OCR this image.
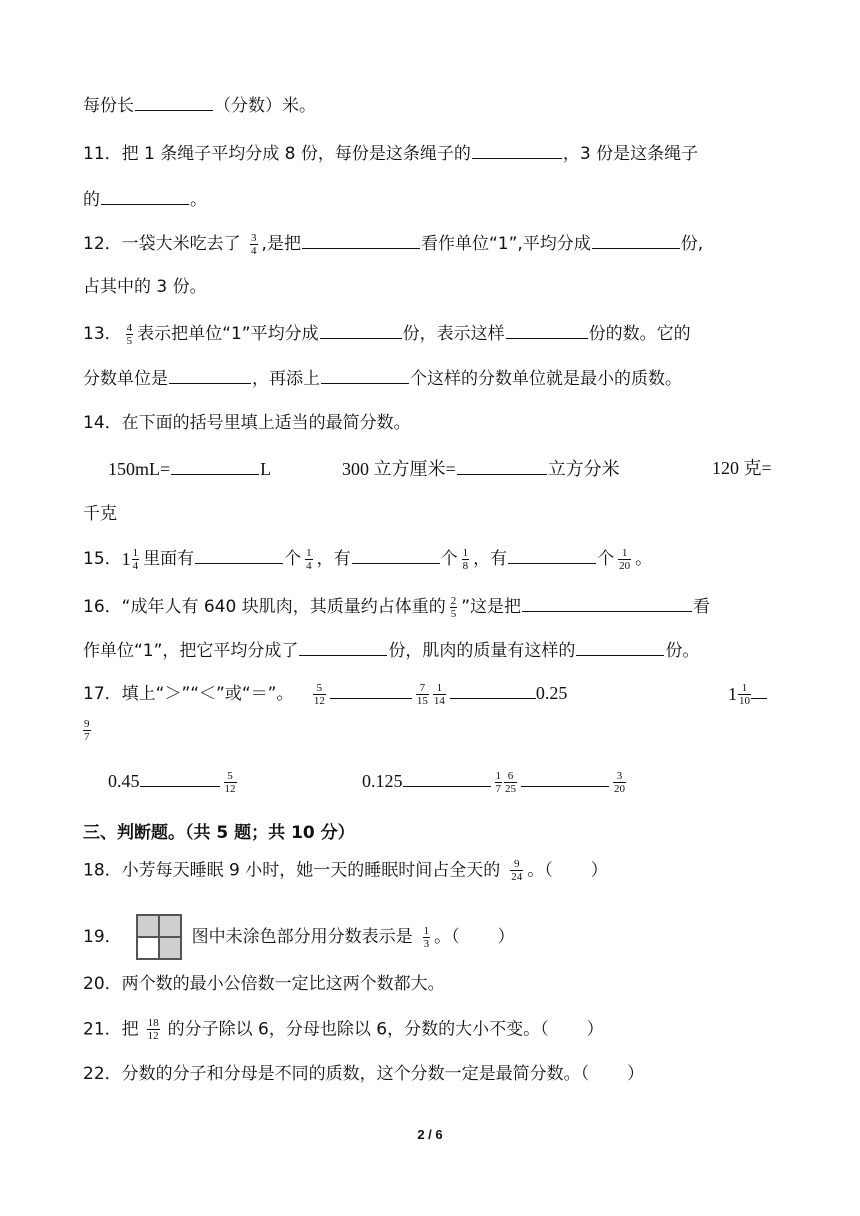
每份长	（分数）米。
11．把 1 条绳子平均分成 8 份，每份是这条绳子的	，3 份是这条绳子
的	。
12．一袋大米吃去了 $\frac{3}{4}$ ,是把	看作单位“1”,平均分成	份,
占其中的 3 份。
13． $\frac{4}{5}$ 表示把单位“1”平均分成	份，表示这样	份的数。它的
分数单位是	，再添上	个这样的分数单位就是最小的质数。
14．在下面的括号里填上适当的最简分数。
150mL=	L	300 立方厘米=	立方分米	120 克=
千克
15． $1 \frac{1}{4}$ 里面有	个 $\frac{1}{4}$ ，有	个 $\frac{1}{8}$ ，有	个 $\frac{1}{20}$ 。
16．“成年人有 640 块肌肉，其质量约占体重的 $\frac{2}{5}$ ”这是把	看
作单位“1”，把它平均分成了	份，肌肉的质量有这样的	份。
17．填上“＞”“＜”或“＝”。 $\frac{5}{12}$	$\frac{7}{15} \frac{1}{14}$	0.25	$1 \frac{1}{10}$
$\frac{9}{7}$
0.45	$\frac{5}{12}$	0.125	$\frac{1}{7} \frac{6}{25}$	$\frac{3}{20}$
三、判断题。（共 5 题；共 10 分）
18．小芳每天睡眠 9 小时，她一天的睡眠时间占全天的 $\frac{9}{24}$ 。（ ）
19．	图中未涂色部分用分数表示是 $\frac{1}{3}$ 。（ ）
20．两个数的最小公倍数一定比这两个数都大。
21．把 $\frac{18}{12}$ 的分子除以 6，分母也除以 6，分数的大小不变。（ ）
22．分数的分子和分母是不同的质数，这个分数一定是最简分数。（ ）
2 / 6
